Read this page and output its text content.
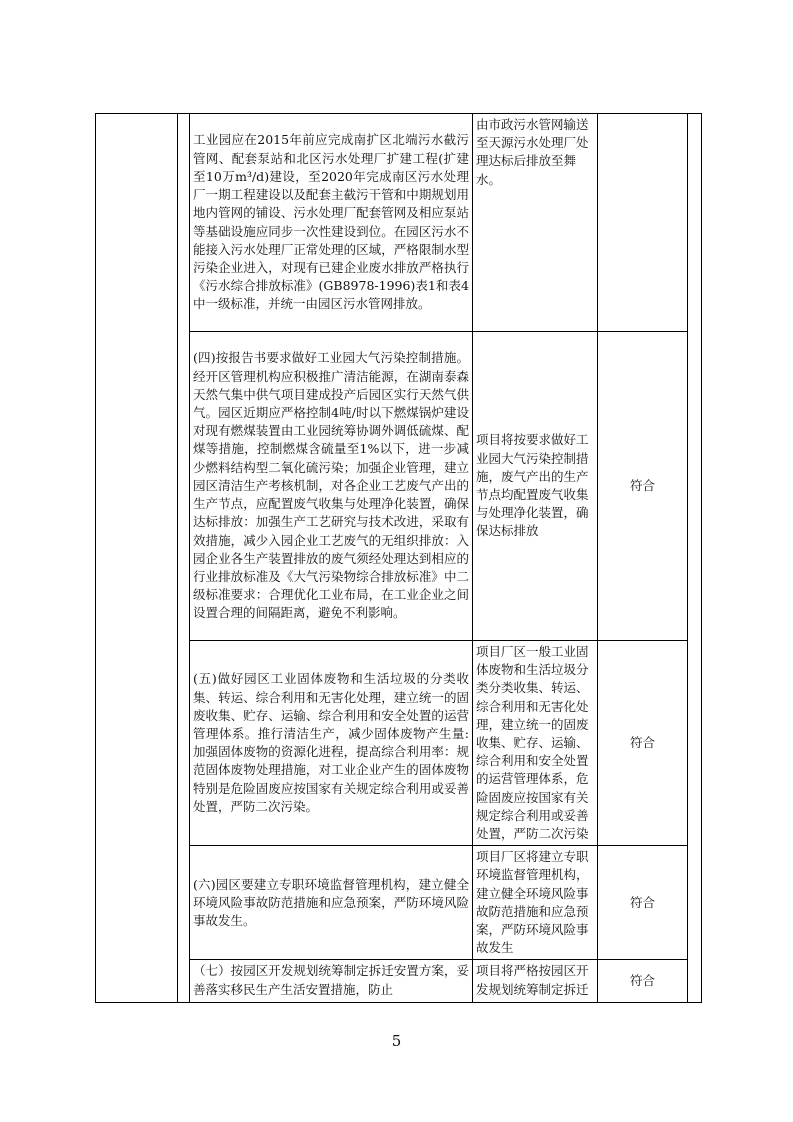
		工业园应在2015年前应完成南扩区北端污水截污管网、配套泵站和北区污水处理厂扩建工程(扩建至10万m³/d)建设，至2020年完成南区污水处理厂一期工程建设以及配套主截污干管和中期规划用地内管网的铺设、污水处理厂配套管网及相应泵站等基础设施应同步一次性建设到位。在园区污水不能接入污水处理厂正常处理的区域，严格限制水型污染企业进入，对现有已建企业废水排放严格执行《污水综合排放标准》(GB8978-1996)表1和表4中一级标准，并统一由园区污水管网排放。	由市政污水管网输送至天源污水处理厂处理达标后排放至舞水。		
		(四)按报告书要求做好工业园大气污染控制措施。经开区管理机构应积极推广清洁能源，在湖南泰森天然气集中供气项目建成投产后园区实行天然气供气。园区近期应严格控制4吨/时以下燃煤锅炉建设对现有燃煤装置由工业园统筹协调外调低硫煤、配煤等措施，控制燃煤含硫量至1%以下，进一步减少燃料结构型二氧化硫污染；加强企业管理，建立园区清洁生产考核机制，对各企业工艺废气产出的生产节点，应配置废气收集与处理净化装置，确保达标排放：加强生产工艺研究与技术改进，采取有效措施，减少入园企业工艺废气的无组织排放：入园企业各生产装置排放的废气须经处理达到相应的行业排放标准及《大气污染物综合排放标准》中二级标准要求：合理优化工业布局，在工业企业之间设置合理的间隔距离，避免不利影响。	项目将按要求做好工业园大气污染控制措施，废气产出的生产节点均配置废气收集与处理净化装置，确保达标排放	符合	
		(五)做好园区工业固体废物和生活垃圾的分类收集、转运、综合利用和无害化处理，建立统一的固废收集、贮存、运输、综合利用和安全处置的运营管理体系。推行清洁生产，减少固体废物产生量:加强固体废物的资源化进程，提高综合利用率：规范固体废物处理措施，对工业企业产生的固体废物特别是危险固废应按国家有关规定综合利用或妥善处置，严防二次污染。	项目厂区一般工业固体废物和生活垃圾分类分类收集、转运、综合利用和无害化处理，建立统一的固废收集、贮存、运输、综合利用和安全处置的运营管理体系，危险固废应按国家有关规定综合利用或妥善处置，严防二次污染	符合	
		(六)园区要建立专职环境监督管理机构，建立健全环境风险事故防范措施和应急预案，严防环境风险事故发生。	项目厂区将建立专职环境监督管理机构，建立健全环境风险事故防范措施和应急预案，严防环境风险事故发生	符合	
		（七）按园区开发规划统筹制定拆迁安置方案，妥善落实移民生产生活安置措施，防止	项目将严格按园区开发规划统筹制定拆迁	符合	
5
